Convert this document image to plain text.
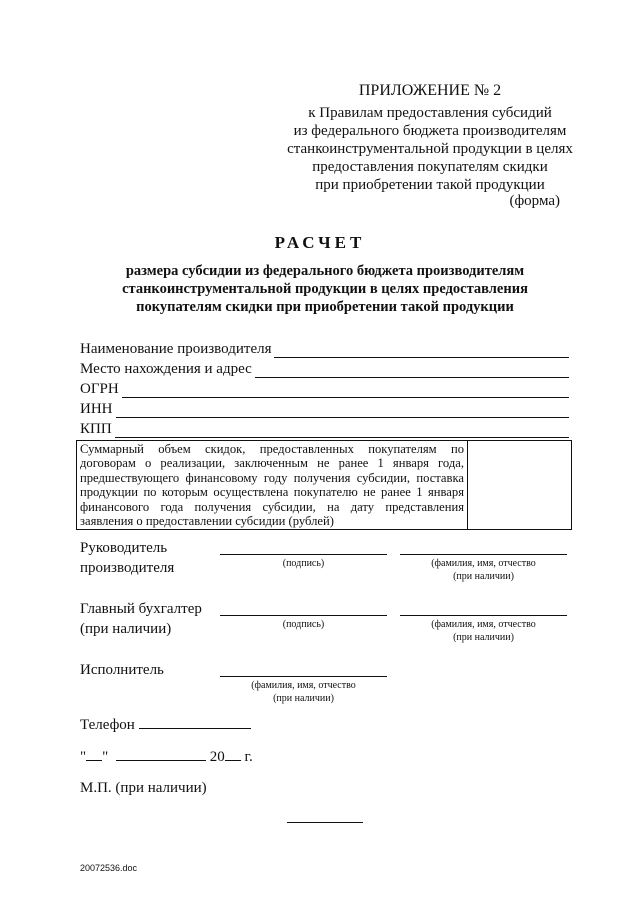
ПРИЛОЖЕНИЕ № 2
к Правилам предоставления субсидий
из федерального бюджета производителям
станкоинструментальной продукции в целях
предоставления покупателям скидки
при приобретении такой продукции
(форма)
РАСЧЕТ
размера субсидии из федерального бюджета производителям
станкоинструментальной продукции в целях предоставления
покупателям скидки при приобретении такой продукции
Наименование производителя
Место нахождения и адрес
ОГРН
ИНН
КПП
Суммарный объем скидок, предоставленных покупателям по договорам о реализации, заключенным не ранее 1 января года, предшествующего финансовому году получения субсидии, поставка продукции по которым осуществлена покупателю не ранее 1 января финансового года получения субсидии, на дату представления заявления о предоставлении субсидии (рублей)

Руководитель
производителя	(подпись)	(фамилия, имя, отчество
(при наличии)
Главный бухгалтер
(при наличии)	(подпись)	(фамилия, имя, отчество
(при наличии)
Исполнитель
(фамилия, имя, отчество
(при наличии)
Телефон
" "	20 г.
М.П. (при наличии)
20072536.doc
